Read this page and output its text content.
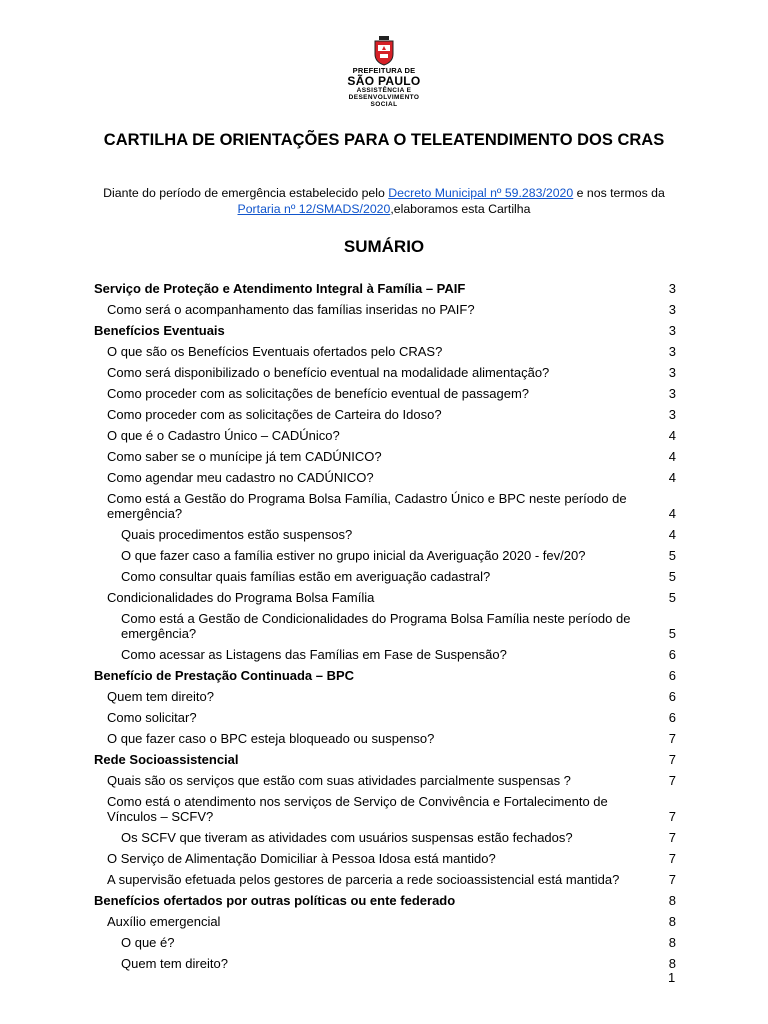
PREFEITURA DE
SÃO PAULO
ASSISTÊNCIA E
DESENVOLVIMENTO
SOCIAL
CARTILHA DE ORIENTAÇÕES PARA O TELEATENDIMENTO DOS CRAS
Diante do período de emergência estabelecido pelo Decreto Municipal nº 59.283/2020 e nos termos da Portaria nº 12/SMADS/2020,elaboramos esta Cartilha
SUMÁRIO
Serviço de Proteção e Atendimento Integral à Família – PAIF	3
Como será o acompanhamento das famílias inseridas no PAIF?	3
Benefícios Eventuais	3
O que são os Benefícios Eventuais ofertados pelo CRAS?	3
Como será disponibilizado o benefício eventual na modalidade alimentação?	3
Como proceder com as solicitações de benefício eventual de passagem?	3
Como proceder com as solicitações de Carteira do Idoso?	3
O que é o Cadastro Único – CADÚnico?	4
Como saber se o munícipe já tem CADÚNICO?	4
Como agendar meu cadastro no CADÚNICO?	4
Como está a Gestão do Programa Bolsa Família, Cadastro Único e BPC neste período de emergência?	4
Quais procedimentos estão suspensos?	4
O que fazer caso a família estiver no grupo inicial da Averiguação 2020 - fev/20?	5
Como consultar quais famílias estão em averiguação cadastral?	5
Condicionalidades do Programa Bolsa Família	5
Como está a Gestão de Condicionalidades do Programa Bolsa Família neste período de emergência?	5
Como acessar as Listagens das Famílias em Fase de Suspensão?	6
Benefício de Prestação Continuada – BPC	6
Quem tem direito?	6
Como solicitar?	6
O que fazer caso o BPC esteja bloqueado ou suspenso?	7
Rede Socioassistencial	7
Quais são os serviços que estão com suas atividades parcialmente suspensas ?	7
Como está o atendimento nos serviços de Serviço de Convivência e Fortalecimento de Vínculos – SCFV?	7
Os SCFV que tiveram as atividades com usuários suspensas estão fechados?	7
O Serviço de Alimentação Domiciliar à Pessoa Idosa está mantido?	7
A supervisão efetuada pelos gestores de parceria a rede socioassistencial está mantida?	7
Benefícios ofertados por outras políticas ou ente federado	8
Auxílio emergencial	8
O que é?	8
Quem tem direito?	8
1
